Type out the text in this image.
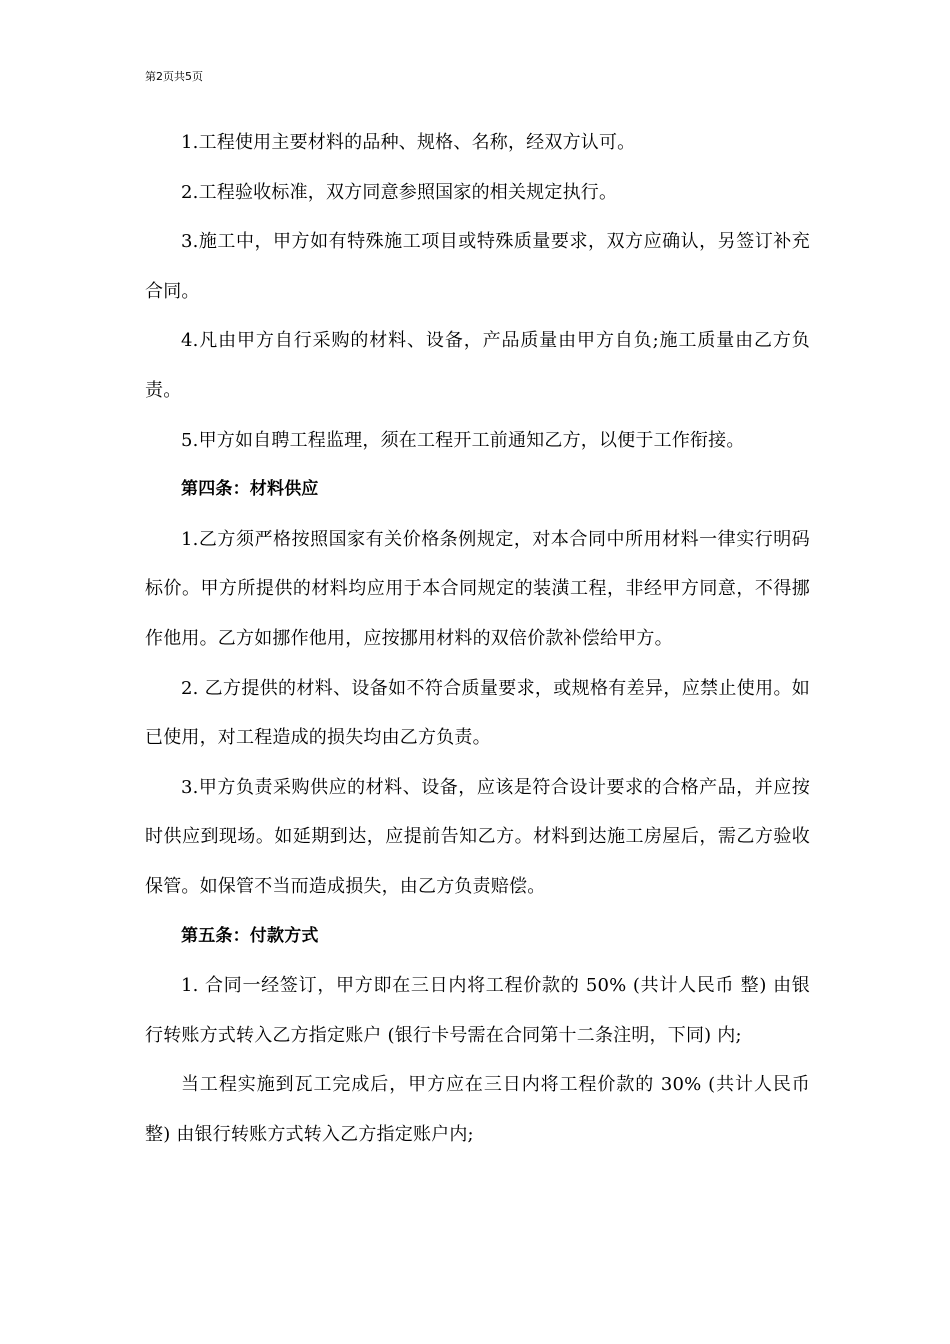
第2页共5页

1.工程使用主要材料的品种、规格、名称，经双方认可。

2.工程验收标准，双方同意参照国家的相关规定执行。

3.施工中，甲方如有特殊施工项目或特殊质量要求，双方应确认，另签订补充合同。

4.凡由甲方自行采购的材料、设备，产品质量由甲方自负;施工质量由乙方负责。

5.甲方如自聘工程监理，须在工程开工前通知乙方，以便于工作衔接。

第四条：材料供应

1.乙方须严格按照国家有关价格条例规定，对本合同中所用材料一律实行明码标价。甲方所提供的材料均应用于本合同规定的装潢工程，非经甲方同意，不得挪作他用。乙方如挪作他用，应按挪用材料的双倍价款补偿给甲方。

2. 乙方提供的材料、设备如不符合质量要求，或规格有差异，应禁止使用。如已使用，对工程造成的损失均由乙方负责。

3.甲方负责采购供应的材料、设备，应该是符合设计要求的合格产品，并应按时供应到现场。如延期到达，应提前告知乙方。材料到达施工房屋后，需乙方验收保管。如保管不当而造成损失，由乙方负责赔偿。

第五条：付款方式

1. 合同一经签订，甲方即在三日内将工程价款的 50% (共计人民币 整) 由银行转账方式转入乙方指定账户 (银行卡号需在合同第十二条注明，下同) 内;

当工程实施到瓦工完成后，甲方应在三日内将工程价款的 30% (共计人民币 整) 由银行转账方式转入乙方指定账户内;
